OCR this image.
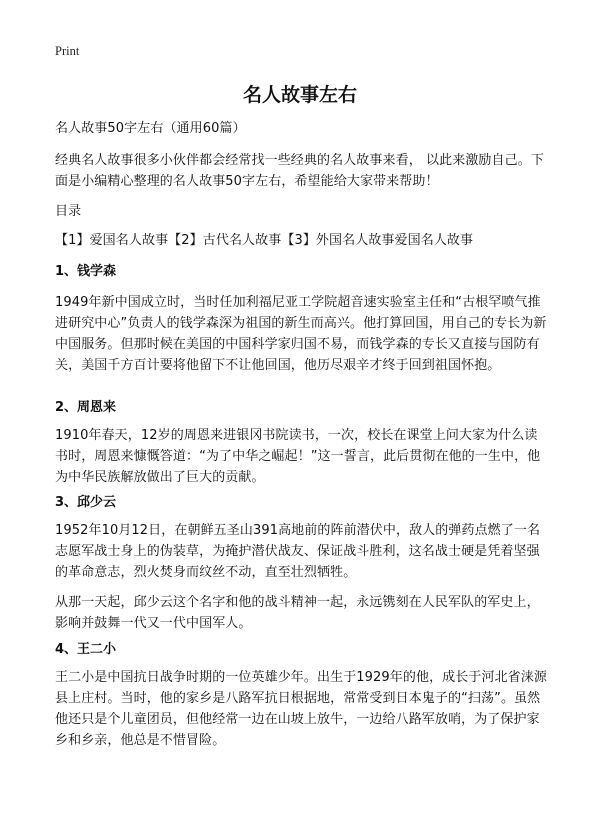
Print
名人故事左右

名人故事50字左右（通用60篇）

经典名人故事很多小伙伴都会经常找一些经典的名人故事来看， 以此来激励自己。下面是小编精心整理的名人故事50字左右，希望能给大家带来帮助！

目录

【1】爱国名人故事【2】古代名人故事【3】外国名人故事爱国名人故事

1、钱学森

1949年新中国成立时，当时任加利福尼亚工学院超音速实验室主任和“古根罕喷气推进研究中心”负责人的钱学森深为祖国的新生而高兴。他打算回国，用自己的专长为新中国服务。但那时候在美国的中国科学家归国不易，而钱学森的专长又直接与国防有关，美国千方百计要将他留下不让他回国，他历尽艰辛才终于回到祖国怀抱。

2、周恩来

1910年春天，12岁的周恩来进银冈书院读书，一次，校长在课堂上问大家为什么读书时，周恩来慷慨答道：“为了中华之崛起！”这一誓言，此后贯彻在他的一生中，他为中华民族解放做出了巨大的贡献。

3、邱少云

1952年10月12日，在朝鲜五圣山391高地前的阵前潜伏中，敌人的弹药点燃了一名志愿军战士身上的伪装草，为掩护潜伏战友、保证战斗胜利，这名战士硬是凭着坚强的革命意志，烈火焚身而纹丝不动，直至壮烈牺牲。

从那一天起，邱少云这个名字和他的战斗精神一起，永远镌刻在人民军队的军史上，影响并鼓舞一代又一代中国军人。

4、王二小

王二小是中国抗日战争时期的一位英雄少年。出生于1929年的他，成长于河北省涞源县上庄村。当时，他的家乡是八路军抗日根据地，常常受到日本鬼子的“扫荡”。虽然他还只是个儿童团员，但他经常一边在山坡上放牛，一边给八路军放哨，为了保护家乡和乡亲，他总是不惜冒险。
